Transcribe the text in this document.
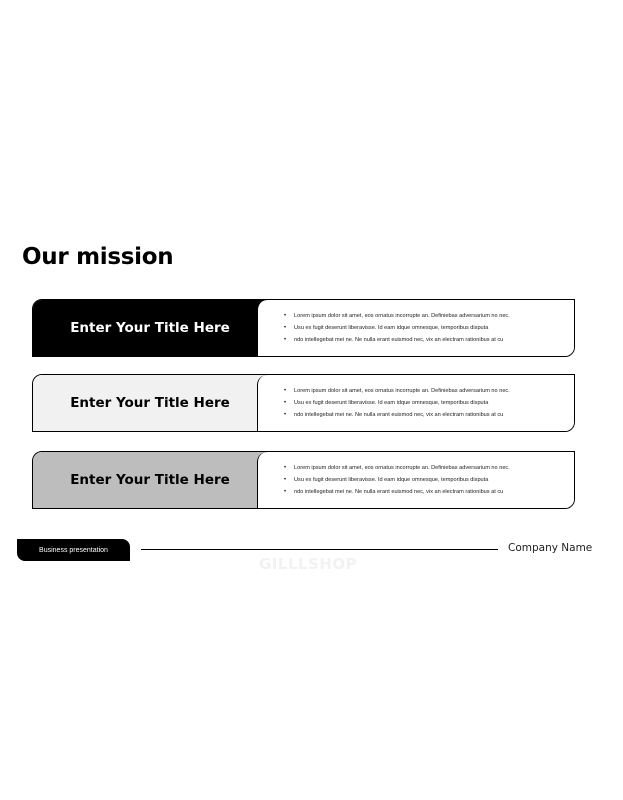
Our mission
Enter Your Title Here
• Lorem ipsum dolor sit amet, eos ornatus incorrupte an. Definiebas adversarium no nec.
• Usu ex fugit deserunt liberavisse. Id eam idque omnesque, temporibus disputa
• ndo intellegebat mei ne. Ne nulla erant euismod nec, vix an electram rationibus at cu
Enter Your Title Here
• Lorem ipsum dolor sit amet, eos ornatus incorrupte an. Definiebas adversarium no nec.
• Usu ex fugit deserunt liberavisse. Id eam idque omnesque, temporibus disputa
• ndo intellegebat mei ne. Ne nulla erant euismod nec, vix an electram rationibus at cu
Enter Your Title Here
• Lorem ipsum dolor sit amet, eos ornatus incorrupte an. Definiebas adversarium no nec.
• Usu ex fugit deserunt liberavisse. Id eam idque omnesque, temporibus disputa
• ndo intellegebat mei ne. Ne nulla erant euismod nec, vix an electram rationibus at cu
Business presentation	Company Name
GILLLSHOP
